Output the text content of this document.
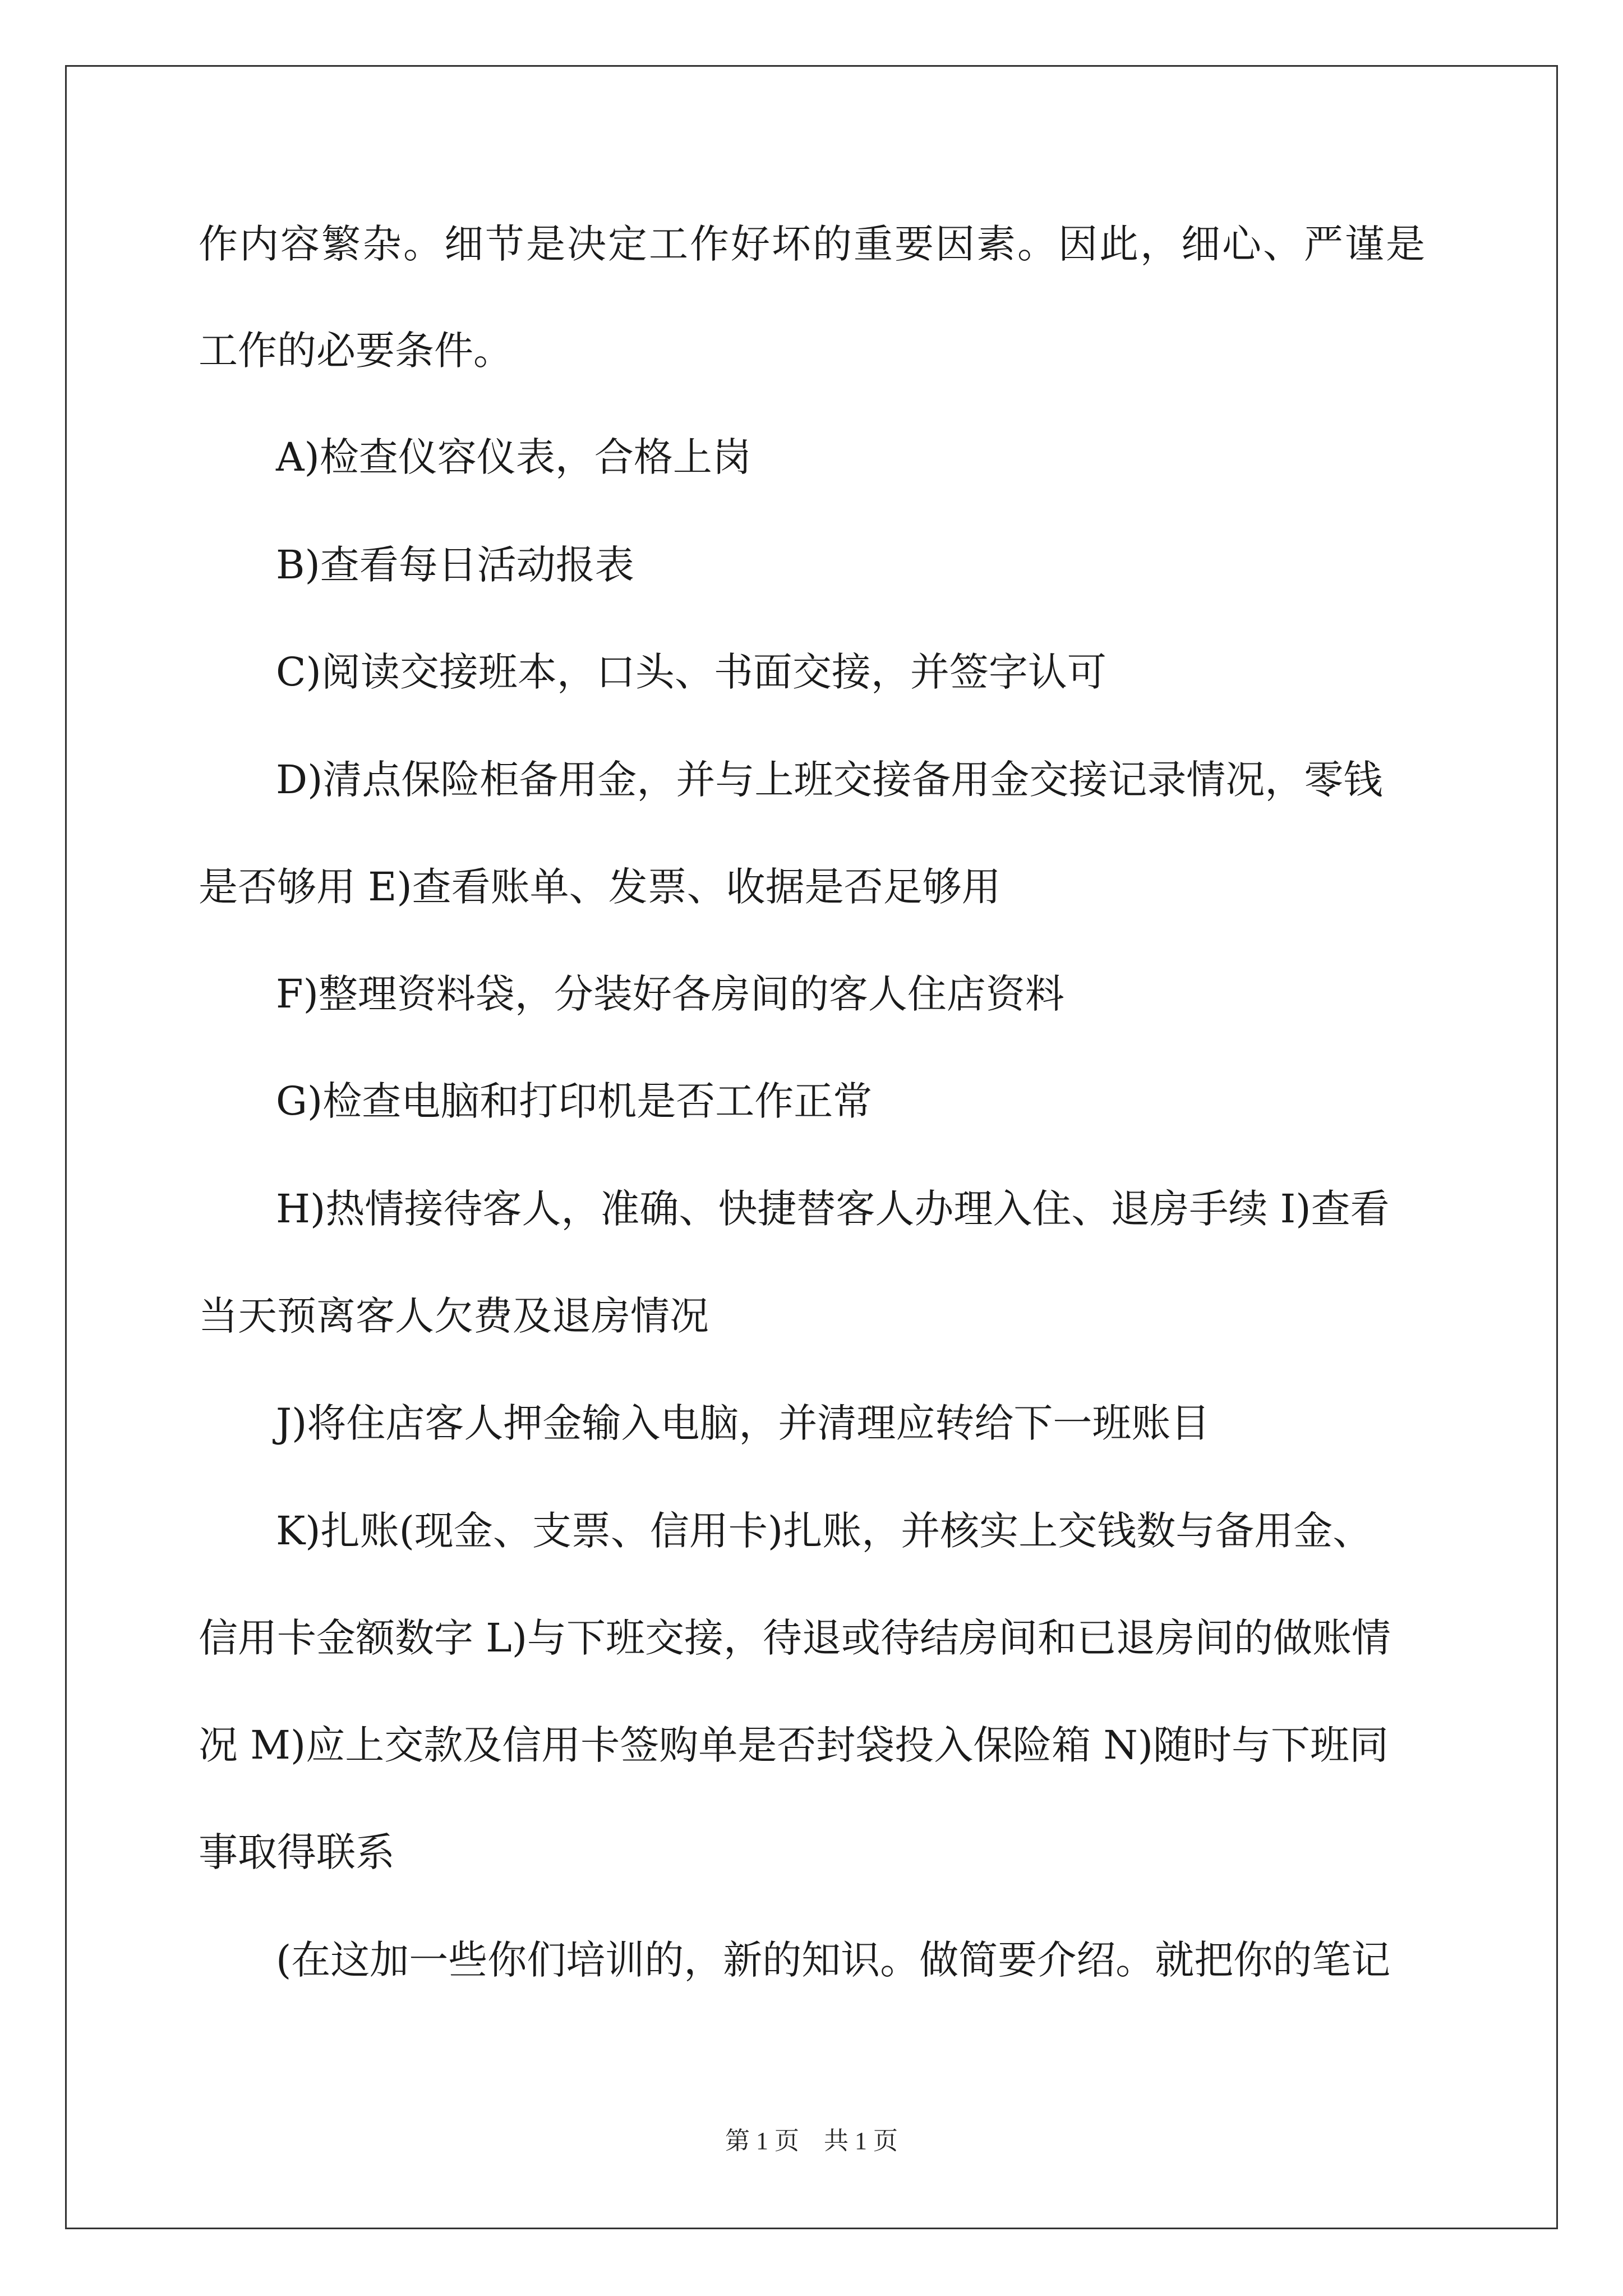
作内容繁杂。细节是决定工作好坏的重要因素。因此，细心、严谨是
工作的必要条件。
A)检查仪容仪表，合格上岗
B)查看每日活动报表
C)阅读交接班本，口头、书面交接，并签字认可
D)清点保险柜备用金，并与上班交接备用金交接记录情况，零钱
是否够用 E)查看账单、发票、收据是否足够用
F)整理资料袋，分装好各房间的客人住店资料
G)检查电脑和打印机是否工作正常
H)热情接待客人，准确、快捷替客人办理入住、退房手续 I)查看
当天预离客人欠费及退房情况
J)将住店客人押金输入电脑，并清理应转给下一班账目
K)扎账(现金、支票、信用卡)扎账，并核实上交钱数与备用金、
信用卡金额数字 L)与下班交接，待退或待结房间和已退房间的做账情
况 M)应上交款及信用卡签购单是否封袋投入保险箱 N)随时与下班同
事取得联系
(在这加一些你们培训的，新的知识。做简要介绍。就把你的笔记
第 1 页　共 1 页
